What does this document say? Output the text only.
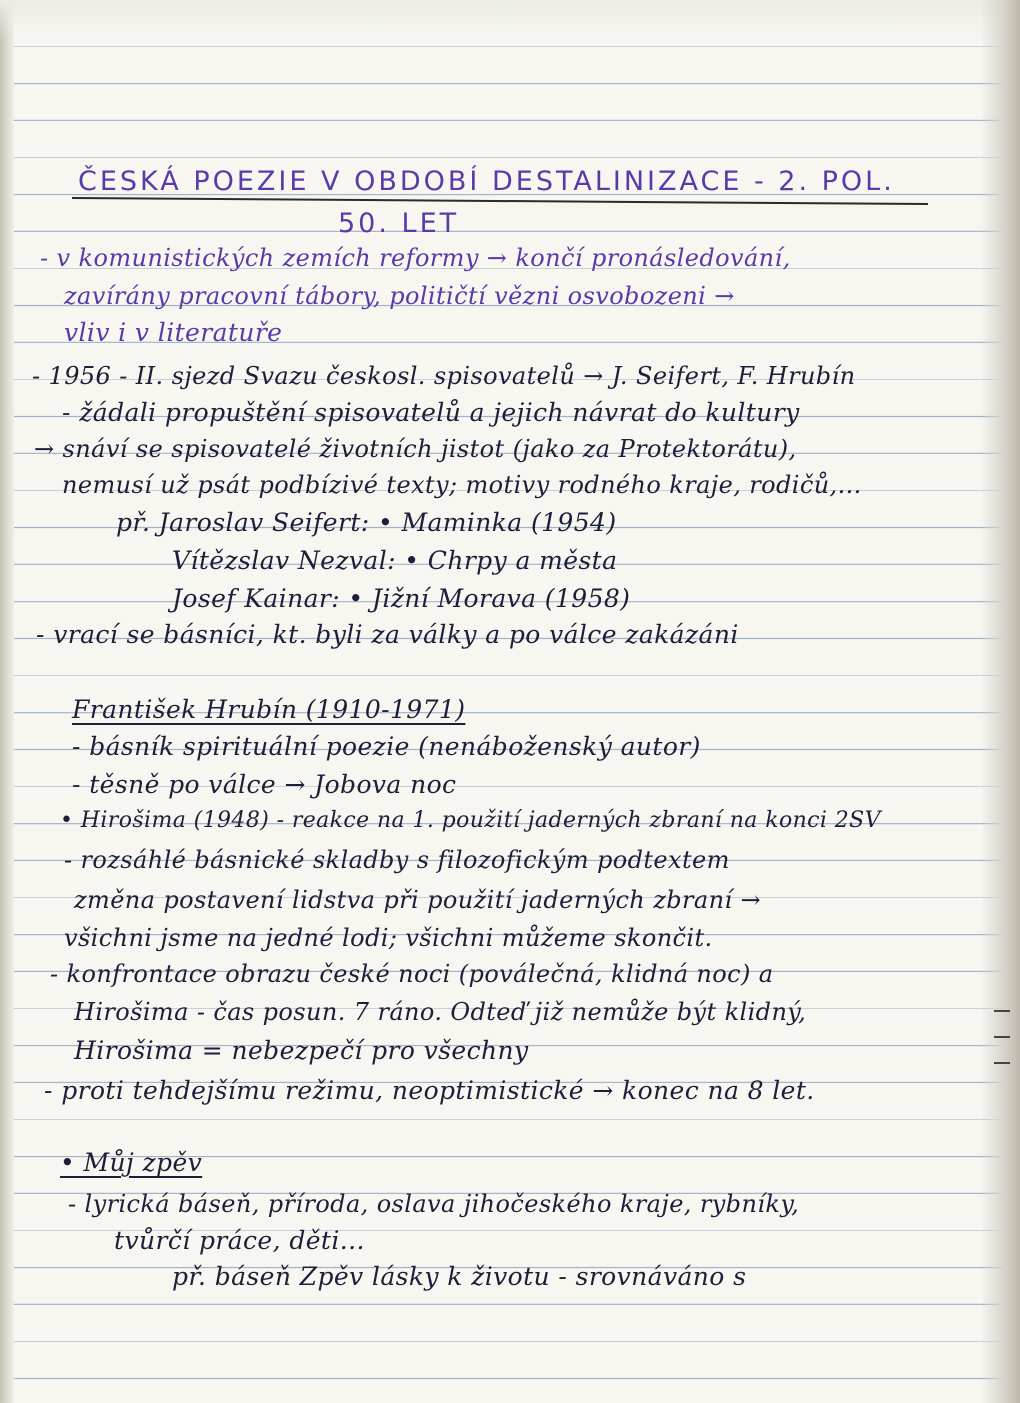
ČESKÁ POEZIE V OBDOBÍ DESTALINIZACE - 2. POL.
50. LET
- v komunistických zemích reformy → končí pronásledování,
zavírány pracovní tábory, političtí vězni osvobozeni →
vliv i v literatuře
- 1956 - II. sjezd Svazu českosl. spisovatelů → J. Seifert, F. Hrubín
- žádali propuštění spisovatelů a jejich návrat do kultury
→ snáví se spisovatelé životních jistot (jako za Protektorátu),
nemusí už psát podbízivé texty; motivy rodného kraje, rodičů,...
př. Jaroslav Seifert: • Maminka (1954)
Vítězslav Nezval: • Chrpy a města
Josef Kainar: • Jižní Morava (1958)
- vrací se básníci, kt. byli za války a po válce zakázáni
František Hrubín (1910-1971)
- básník spirituální poezie (nenáboženský autor)
- těsně po válce → Jobova noc
• Hirošima (1948) - reakce na 1. použití jaderných zbraní na konci 2SV
- rozsáhlé básnické skladby s filozofickým podtextem
změna postavení lidstva při použití jaderných zbraní →
všichni jsme na jedné lodi; všichni můžeme skončit.
- konfrontace obrazu české noci (poválečná, klidná noc) a
Hirošima - čas posun. 7 ráno. Odteď již nemůže být klidný,
Hirošima = nebezpečí pro všechny
- proti tehdejšímu režimu, neoptimistické → konec na 8 let.
• Můj zpěv
- lyrická báseň, příroda, oslava jihočeského kraje, rybníky,
tvůrčí práce, děti...
př. báseň Zpěv lásky k životu - srovnáváno s
